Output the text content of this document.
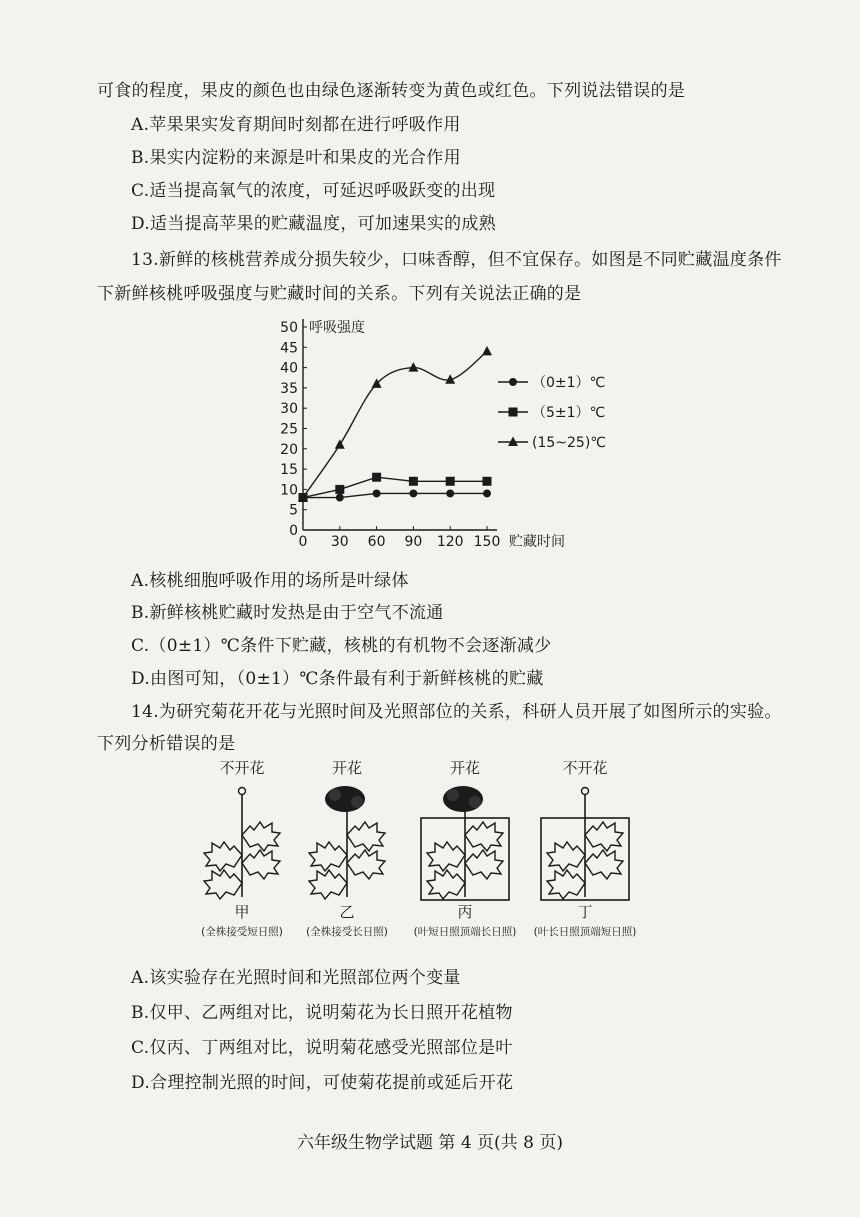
可食的程度，果皮的颜色也由绿色逐渐转变为黄色或红色。下列说法错误的是
A.苹果果实发育期间时刻都在进行呼吸作用
B.果实内淀粉的来源是叶和果皮的光合作用
C.适当提高氧气的浓度，可延迟呼吸跃变的出现
D.适当提高苹果的贮藏温度，可加速果实的成熟
13.新鲜的核桃营养成分损失较少，口味香醇，但不宜保存。如图是不同贮藏温度条件
下新鲜核桃呼吸强度与贮藏时间的关系。下列有关说法正确的是
0
5
10
15
20
25
30
35
40
45
50
0 30 60 90 120 150
呼吸强度
贮藏时间
（0±1）℃
（5±1）℃
(15~25)℃
A.核桃细胞呼吸作用的场所是叶绿体
B.新鲜核桃贮藏时发热是由于空气不流通
C.（0±1）℃条件下贮藏，核桃的有机物不会逐渐减少
D.由图可知，（0±1）℃条件最有利于新鲜核桃的贮藏
14.为研究菊花开花与光照时间及光照部位的关系，科研人员开展了如图所示的实验。
下列分析错误的是
不开花
甲
(全株接受短日照)
开花
乙
(全株接受长日照)
开花
丙
(叶短日照顶端长日照)
不开花
丁
(叶长日照顶端短日照)
A.该实验存在光照时间和光照部位两个变量
B.仅甲、乙两组对比，说明菊花为长日照开花植物
C.仅丙、丁两组对比，说明菊花感受光照部位是叶
D.合理控制光照的时间，可使菊花提前或延后开花
六年级生物学试题 第 4 页(共 8 页)
